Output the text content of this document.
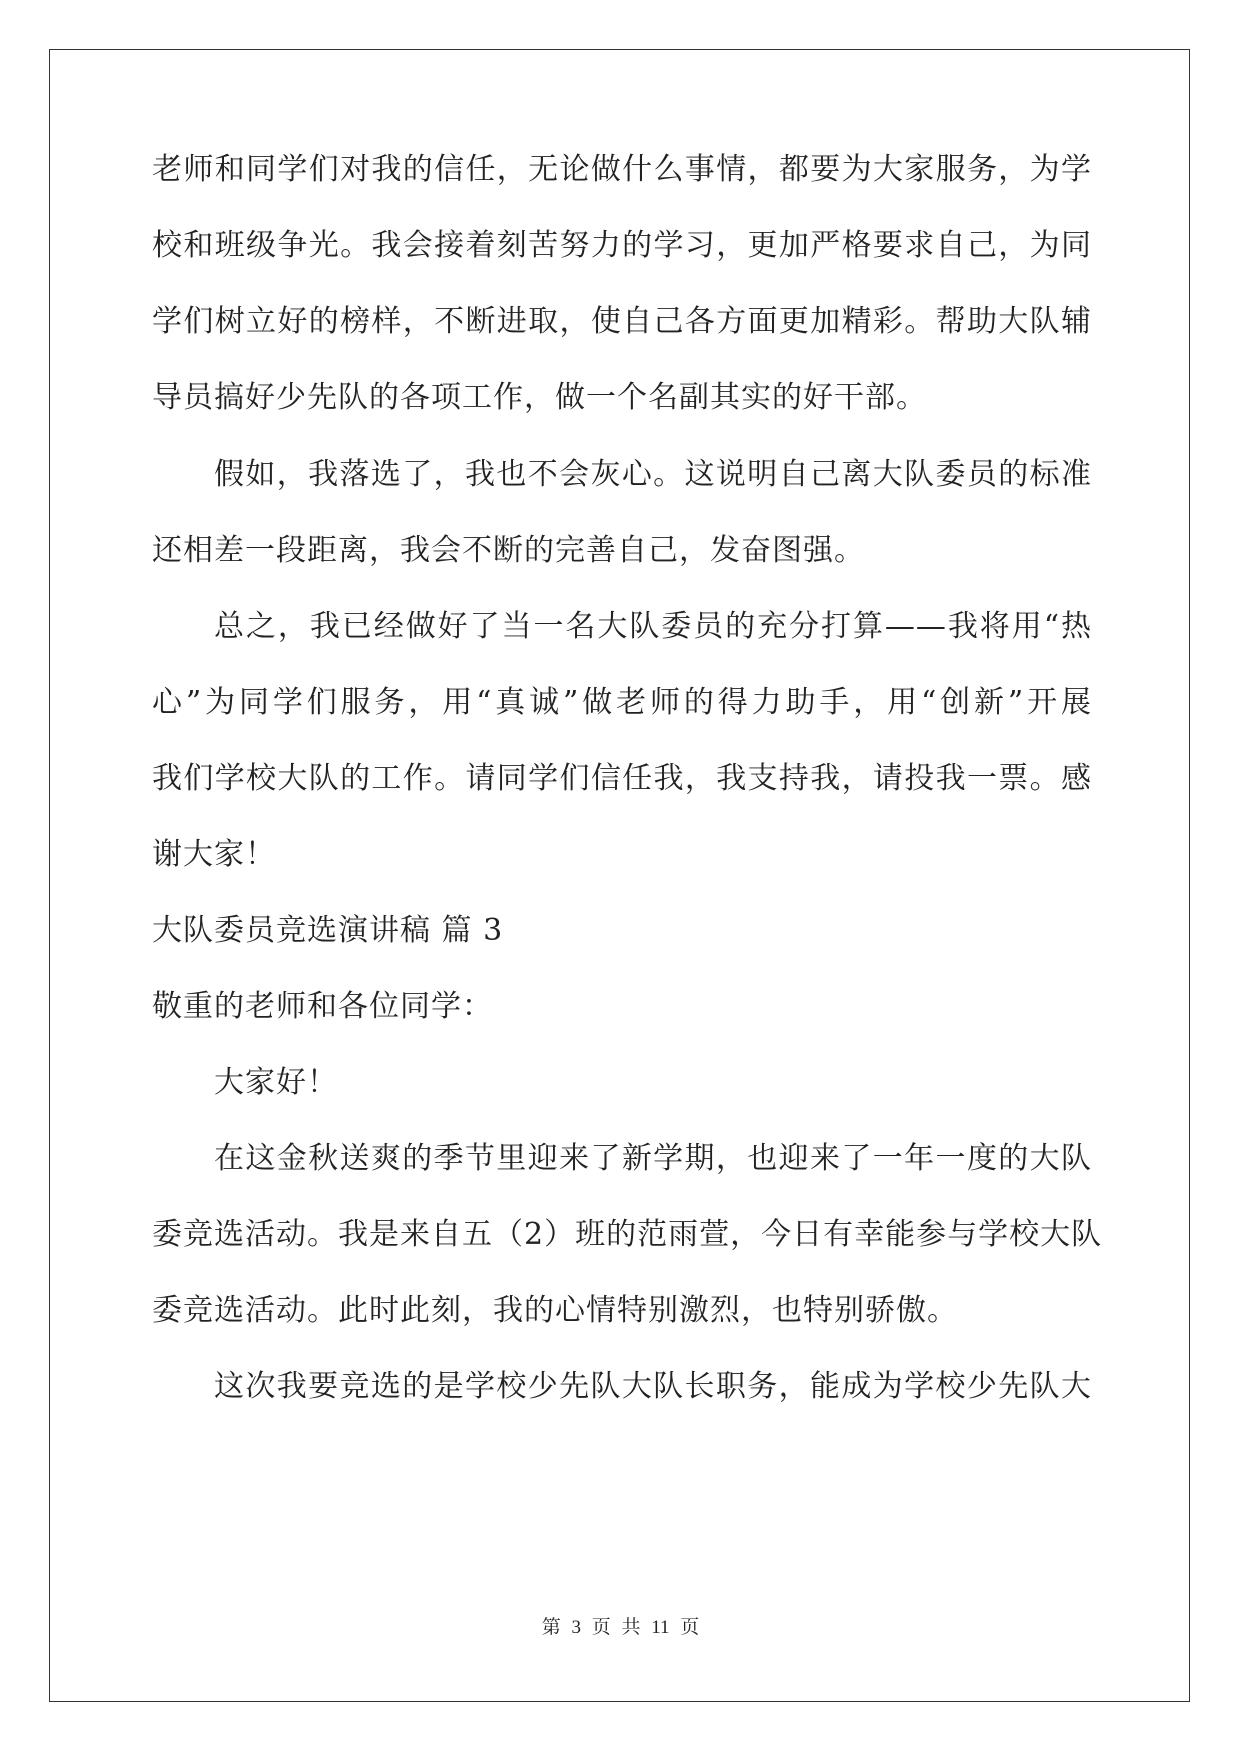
老师和同学们对我的信任，无论做什么事情，都要为大家服务，为学
校和班级争光。我会接着刻苦努力的学习，更加严格要求自己，为同
学们树立好的榜样，不断进取，使自己各方面更加精彩。帮助大队辅
导员搞好少先队的各项工作，做一个名副其实的好干部。
假如，我落选了，我也不会灰心。这说明自己离大队委员的标准
还相差一段距离，我会不断的完善自己，发奋图强。
总之，我已经做好了当一名大队委员的充分打算——我将用“热
心”为同学们服务，用“真诚”做老师的得力助手，用“创新”开展
我们学校大队的工作。请同学们信任我，我支持我，请投我一票。感
谢大家！
大队委员竞选演讲稿 篇 3
敬重的老师和各位同学：
大家好！
在这金秋送爽的季节里迎来了新学期，也迎来了一年一度的大队
委竞选活动。我是来自五（2）班的范雨萱，今日有幸能参与学校大队
委竞选活动。此时此刻，我的心情特别激烈，也特别骄傲。
这次我要竞选的是学校少先队大队长职务，能成为学校少先队大
第 3 页 共 11 页
